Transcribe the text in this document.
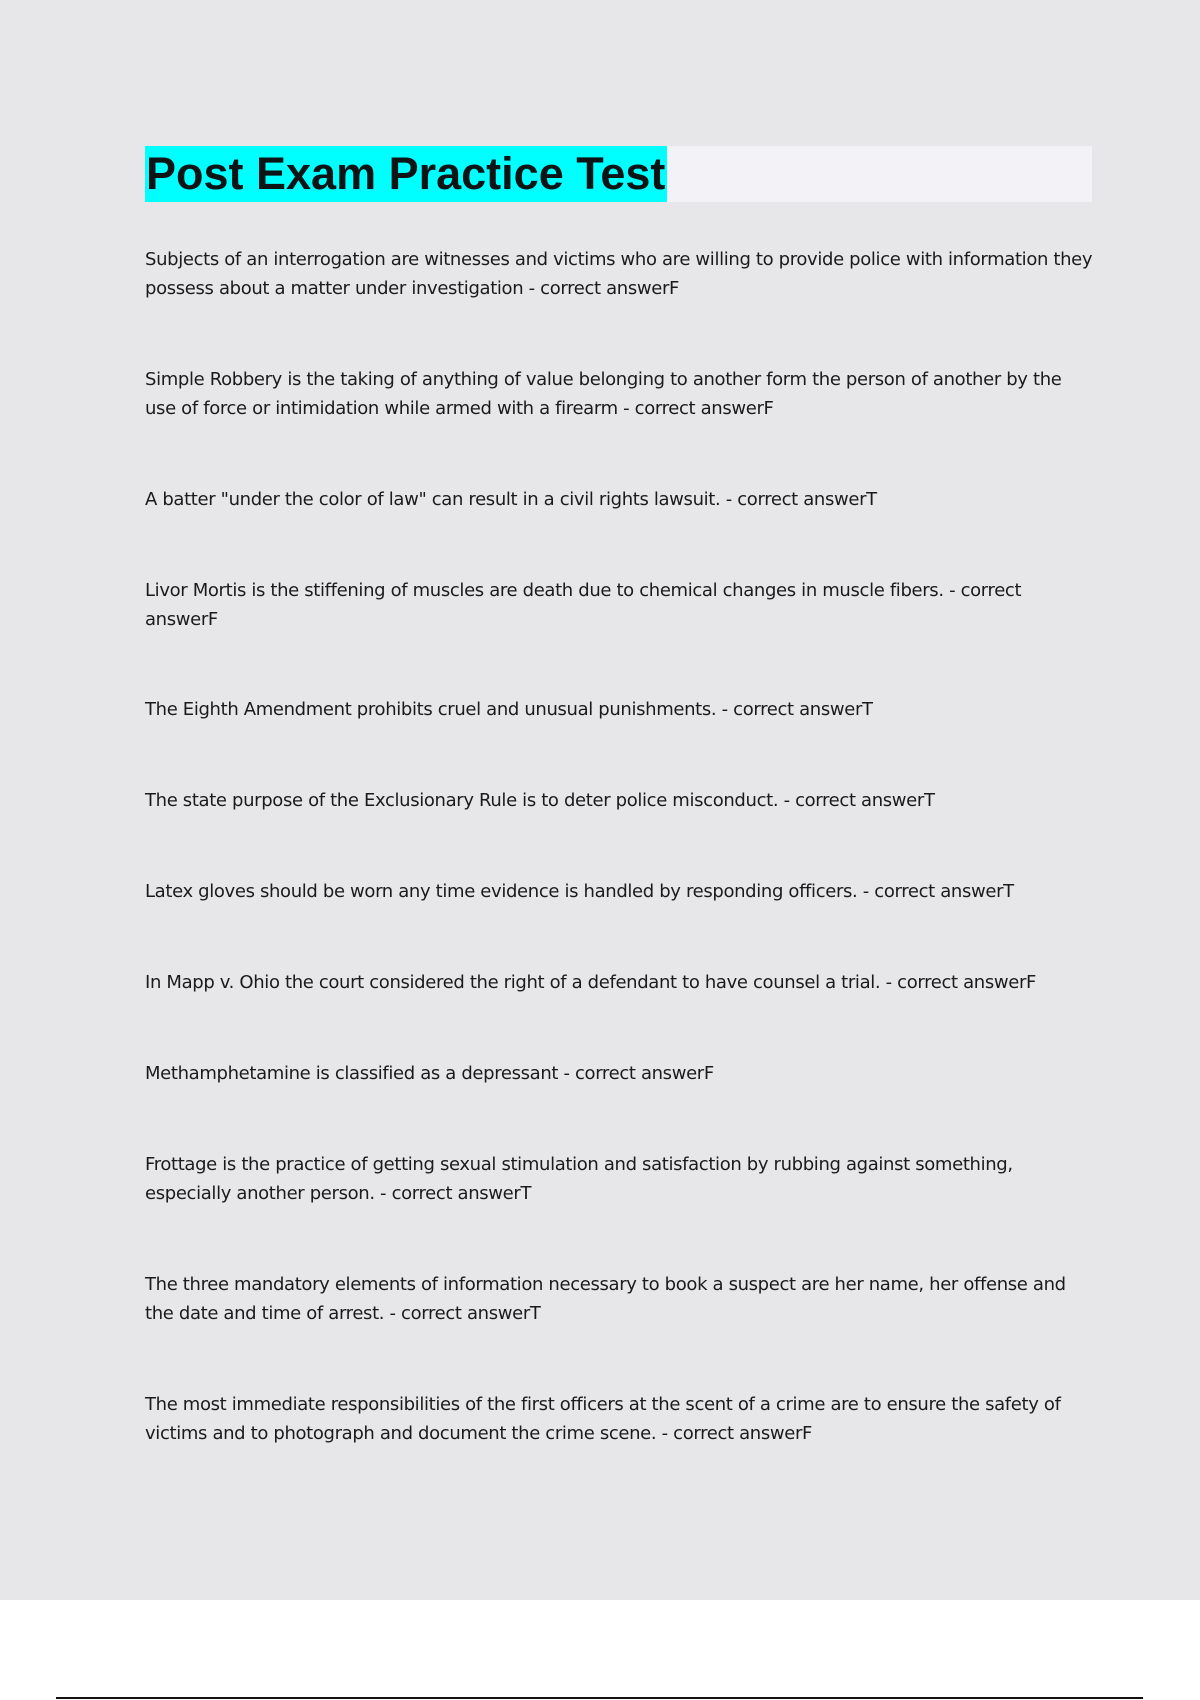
Post Exam Practice Test

Subjects of an interrogation are witnesses and victims who are willing to provide police with information they possess about a matter under investigation - correct answerF

Simple Robbery is the taking of anything of value belonging to another form the person of another by the use of force or intimidation while armed with a firearm - correct answerF

A batter "under the color of law" can result in a civil rights lawsuit. - correct answerT

Livor Mortis is the stiffening of muscles are death due to chemical changes in muscle fibers. - correct answerF

The Eighth Amendment prohibits cruel and unusual punishments. - correct answerT

The state purpose of the Exclusionary Rule is to deter police misconduct. - correct answerT

Latex gloves should be worn any time evidence is handled by responding officers. - correct answerT

In Mapp v. Ohio the court considered the right of a defendant to have counsel a trial. - correct answerF

Methamphetamine is classified as a depressant - correct answerF

Frottage is the practice of getting sexual stimulation and satisfaction by rubbing against something, especially another person. - correct answerT

The three mandatory elements of information necessary to book a suspect are her name, her offense and the date and time of arrest. - correct answerT

The most immediate responsibilities of the first officers at the scent of a crime are to ensure the safety of victims and to photograph and document the crime scene. - correct answerF
